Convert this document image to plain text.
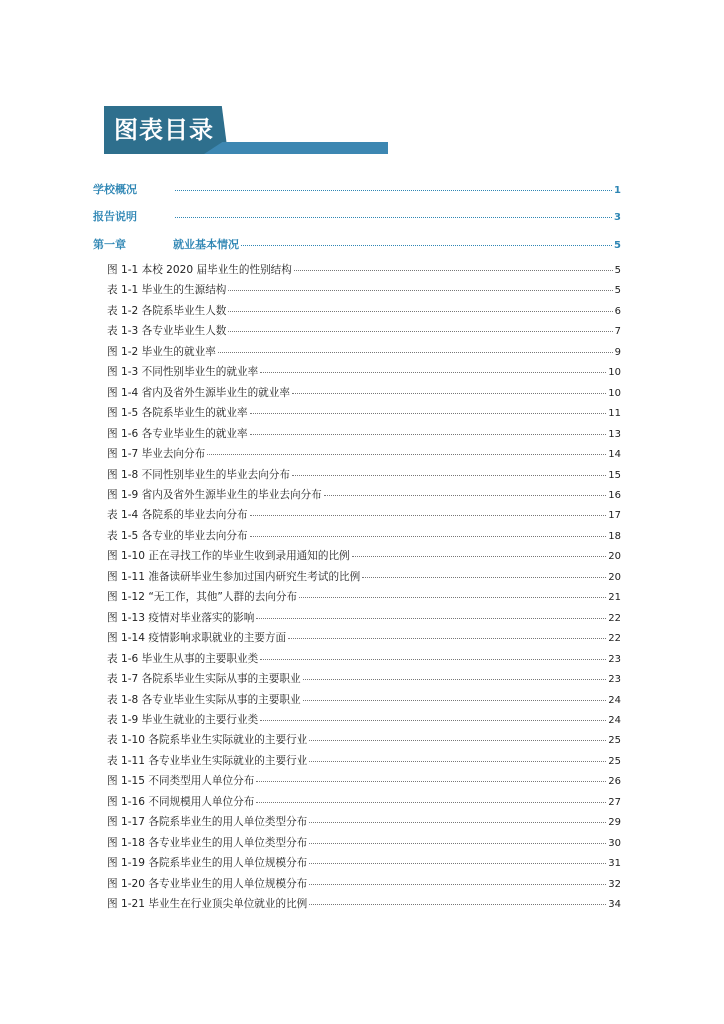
图表目录
学校概况	1
报告说明	3
第一章	就业基本情况	5
图 1-1 本校 2020 届毕业生的性别结构	5
表 1-1 毕业生的生源结构	5
表 1-2 各院系毕业生人数	6
表 1-3 各专业毕业生人数	7
图 1-2 毕业生的就业率	9
图 1-3 不同性别毕业生的就业率	10
图 1-4 省内及省外生源毕业生的就业率	10
图 1-5 各院系毕业生的就业率	11
图 1-6 各专业毕业生的就业率	13
图 1-7 毕业去向分布	14
图 1-8 不同性别毕业生的毕业去向分布	15
图 1-9 省内及省外生源毕业生的毕业去向分布	16
表 1-4 各院系的毕业去向分布	17
表 1-5 各专业的毕业去向分布	18
图 1-10 正在寻找工作的毕业生收到录用通知的比例	20
图 1-11 准备读研毕业生参加过国内研究生考试的比例	20
图 1-12 “无工作，其他”人群的去向分布	21
图 1-13 疫情对毕业落实的影响	22
图 1-14 疫情影响求职就业的主要方面	22
表 1-6 毕业生从事的主要职业类	23
表 1-7 各院系毕业生实际从事的主要职业	23
表 1-8 各专业毕业生实际从事的主要职业	24
表 1-9 毕业生就业的主要行业类	24
表 1-10 各院系毕业生实际就业的主要行业	25
表 1-11 各专业毕业生实际就业的主要行业	25
图 1-15 不同类型用人单位分布	26
图 1-16 不同规模用人单位分布	27
图 1-17 各院系毕业生的用人单位类型分布	29
图 1-18 各专业毕业生的用人单位类型分布	30
图 1-19 各院系毕业生的用人单位规模分布	31
图 1-20 各专业毕业生的用人单位规模分布	32
图 1-21 毕业生在行业顶尖单位就业的比例	34
